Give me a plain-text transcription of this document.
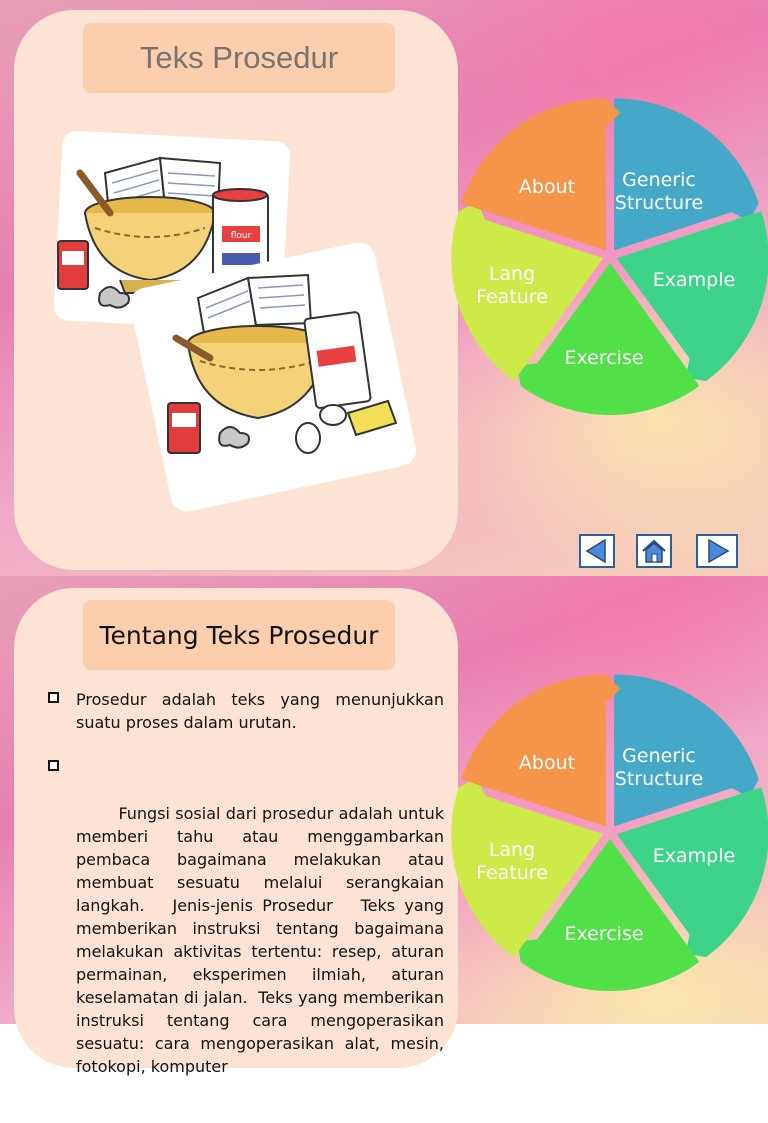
Teks Prosedur
flour
Generic
Structure
Example
Exercise
Lang
Feature
About
Tentang Teks Prosedur
Prosedur adalah teks yang menunjukkan suatu proses dalam urutan.

Fungsi sosial dari prosedur adalah untuk memberi tahu atau menggambarkan pembaca bagaimana melakukan atau membuat sesuatu melalui serangkaian langkah.   Jenis-jenis Prosedur   Teks yang memberikan instruksi tentang bagaimana melakukan aktivitas tertentu: resep, aturan permainan, eksperimen ilmiah, aturan keselamatan di jalan.  Teks yang memberikan instruksi tentang cara mengoperasikan sesuatu: cara mengoperasikan alat, mesin, fotokopi, komputer

Generic
Structure
Example
Exercise
Lang
Feature
About
